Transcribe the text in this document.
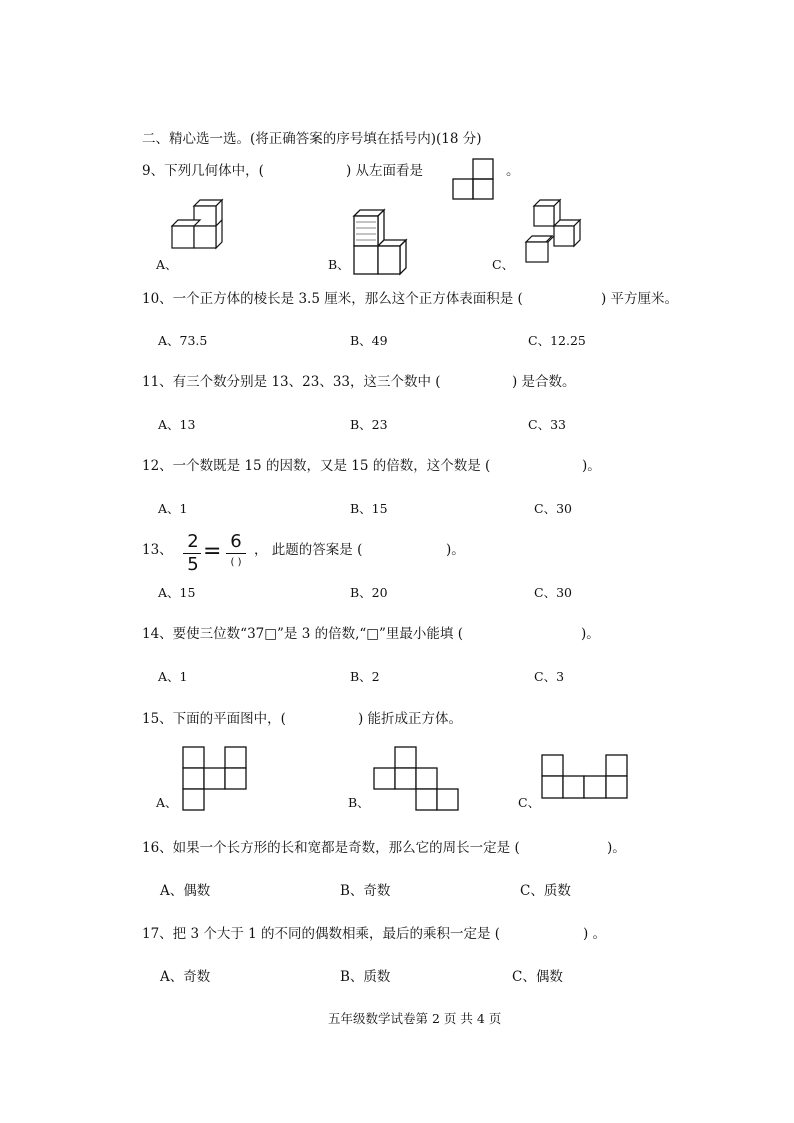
二、精心选一选。(将正确答案的序号填在括号内)(18 分)
9、下列几何体中，(	) 从左面看是	。
A、	B、	C、
10、一个正方体的棱长是 3.5 厘米，那么这个正方体表面积是 (	) 平方厘米。
A、73.5	B、49	C、12.25
11、有三个数分别是 13、23、33，这三个数中 (	) 是合数。
A、13	B、23	C、33
12、一个数既是 15 的因数，又是 15 的倍数，这个数是 (	)。
A、1	B、15	C、30
13、 2
5
= 6
( )
， 此题的答案是 (	)。
A、15	B、20	C、30
14、要使三位数“37□”是 3 的倍数,“□”里最小能填 (	)。
A、1	B、2	C、3
15、下面的平面图中，(	) 能折成正方体。
A、	B、	C、
16、如果一个长方形的长和宽都是奇数，那么它的周长一定是 (	)。
A、偶数	B、奇数	C、质数
17、把 3 个大于 1 的不同的偶数相乘，最后的乘积一定是 (	) 。
A、奇数	B、质数	C、偶数
五年级数学试卷第 2 页 共 4 页
